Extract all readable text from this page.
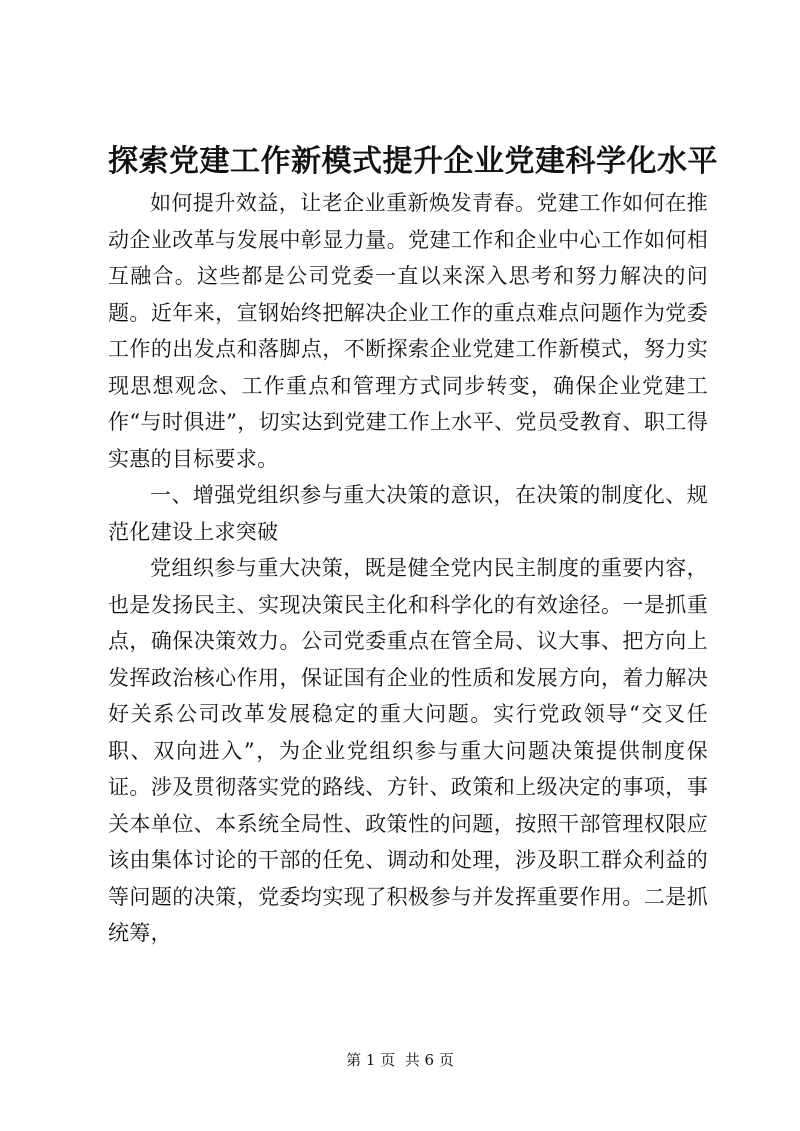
探索党建工作新模式提升企业党建科学化水平

如何提升效益，让老企业重新焕发青春。党建工作如何在推动企业改革与发展中彰显力量。党建工作和企业中心工作如何相互融合。这些都是公司党委一直以来深入思考和努力解决的问题。近年来，宣钢始终把解决企业工作的重点难点问题作为党委工作的出发点和落脚点，不断探索企业党建工作新模式，努力实现思想观念、工作重点和管理方式同步转变，确保企业党建工作“与时俱进”，切实达到党建工作上水平、党员受教育、职工得实惠的目标要求。

一、增强党组织参与重大决策的意识，在决策的制度化、规范化建设上求突破

党组织参与重大决策，既是健全党内民主制度的重要内容，也是发扬民主、实现决策民主化和科学化的有效途径。一是抓重点，确保决策效力。公司党委重点在管全局、议大事、把方向上发挥政治核心作用，保证国有企业的性质和发展方向，着力解决好关系公司改革发展稳定的重大问题。实行党政领导“交叉任职、双向进入”，为企业党组织参与重大问题决策提供制度保证。涉及贯彻落实党的路线、方针、政策和上级决定的事项，事关本单位、本系统全局性、政策性的问题，按照干部管理权限应该由集体讨论的干部的任免、调动和处理，涉及职工群众利益的等问题的决策，党委均实现了积极参与并发挥重要作用。二是抓统筹，

第 1 页  共 6 页
